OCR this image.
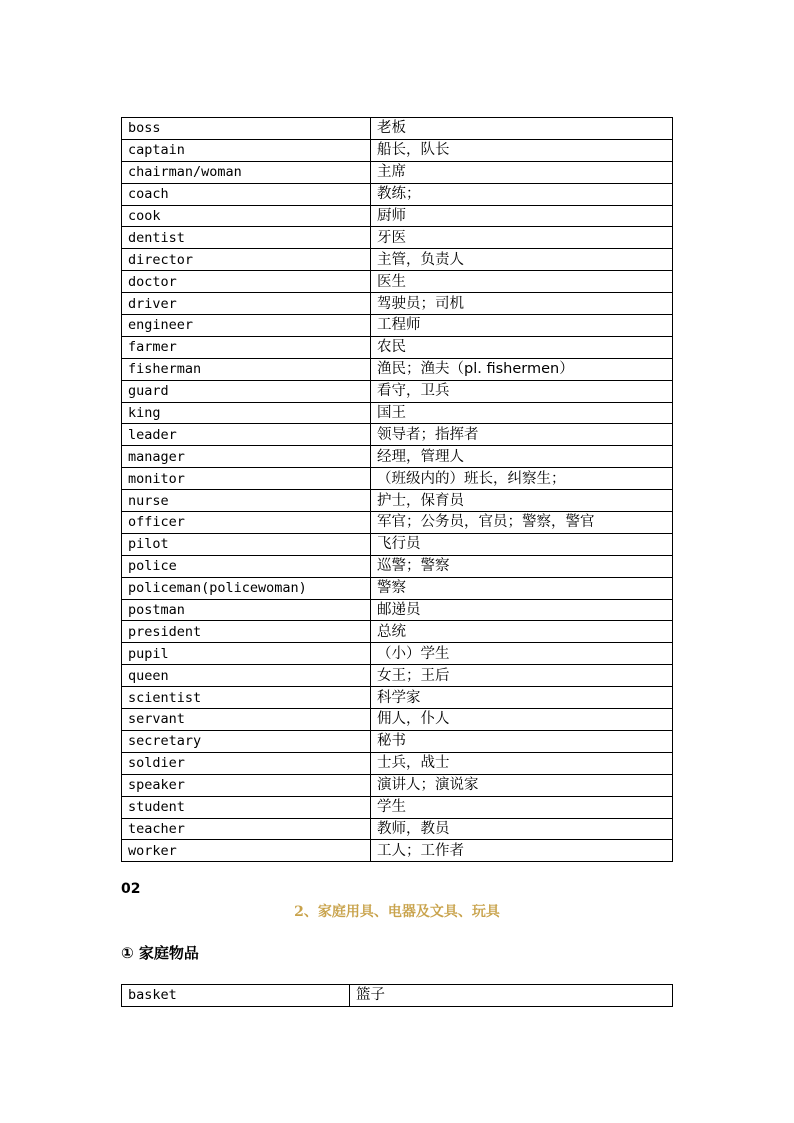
boss	老板
captain	船长，队长
chairman/woman	主席
coach	教练；
cook	厨师
dentist	牙医
director	主管，负责人
doctor	医生
driver	驾驶员；司机
engineer	工程师
farmer	农民
fisherman	渔民；渔夫（pl. fishermen）
guard	看守，卫兵
king	国王
leader	领导者；指挥者
manager	经理，管理人
monitor	（班级内的）班长，纠察生；
nurse	护士，保育员
officer	军官；公务员，官员；警察，警官
pilot	飞行员
police	巡警；警察
policeman(policewoman)	警察
postman	邮递员
president	总统
pupil	（小）学生
queen	女王；王后
scientist	科学家
servant	佣人，仆人
secretary	秘书
soldier	士兵，战士
speaker	演讲人；演说家
student	学生
teacher	教师，教员
worker	工人；工作者
02
2、家庭用具、电器及文具、玩具
① 家庭物品
basket	篮子
